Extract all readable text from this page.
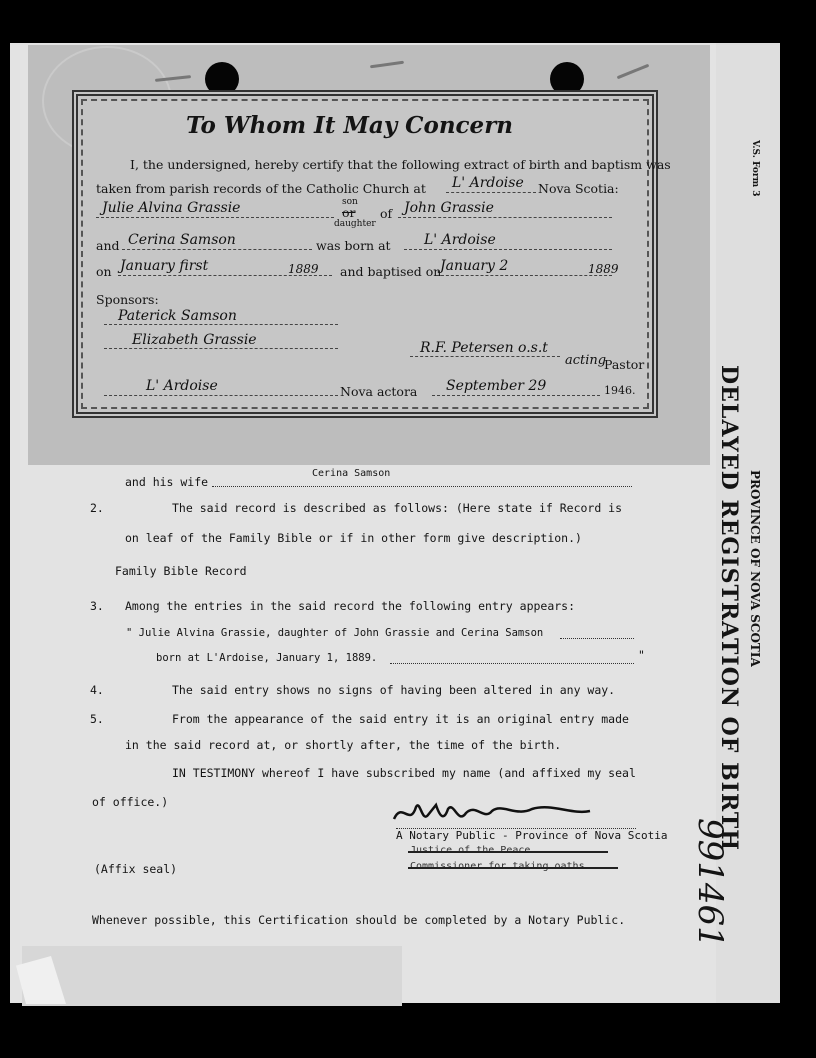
V.S. Form 3
PROVINCE OF NOVA SCOTIA
DELAYED REGISTRATION OF BIRTH
991461
To Whom It May Concern
I, the undersigned, hereby certify that the following extract of birth and baptism was
taken from parish records of the Catholic Church at L' Ardoise Nova Scotia:
Julie Alvina Grassie	son
or
daughter
of John Grassie
and Cerina Samson	was born at L' Ardoise
on January first	1889 and baptised on
January 2	1889
Sponsors:
Paterick Samson
Elizabeth Grassie	R.F. Petersen o.s.t
acting
Pastor
L' Ardoise	Nova actora September 29	1946.
and his wife
Cerina Samson
2.	The said record is described as follows: (Here state if Record is
on leaf of the Family Bible or if in other form give description.)
Family Bible Record
3. Among the entries in the said record the following entry appears:
" Julie Alvina Grassie, daughter of John Grassie and Cerina Samson
born at L'Ardoise, January 1, 1889.	"
4.	The said entry shows no signs of having been altered in any way.
5.	From the appearance of the said entry it is an original entry made
in the said record at, or shortly after, the time of the birth.
IN TESTIMONY whereof I have subscribed my name (and affixed my seal
of office.)
A Notary Public - Province of Nova Scotia
(Affix seal)
Whenever possible, this Certification should be completed by a Notary Public.
